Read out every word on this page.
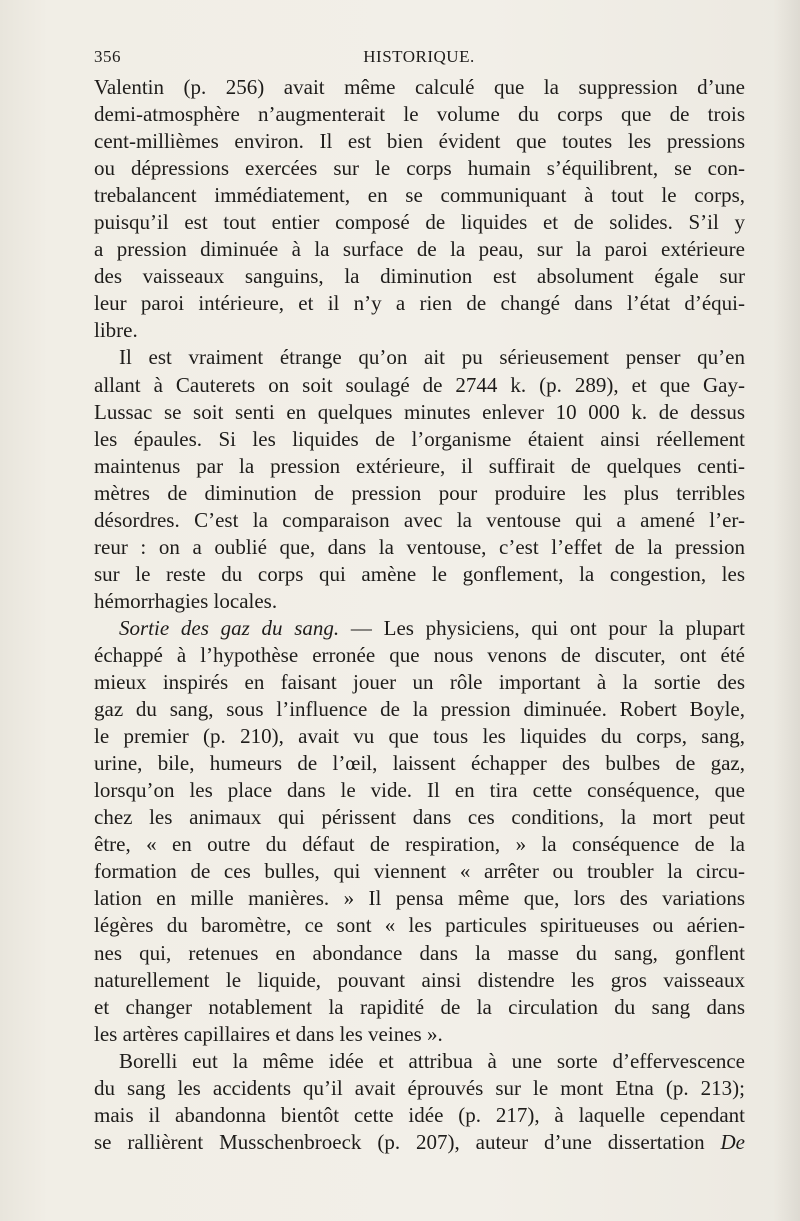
356	HISTORIQUE.
Valentin (p. 256) avait même calculé que la suppression d’une
demi-atmosphère n’augmenterait le volume du corps que de trois
cent-millièmes environ. Il est bien évident que toutes les pressions
ou dépressions exercées sur le corps humain s’équilibrent, se con-
trebalancent immédiatement, en se communiquant à tout le corps,
puisqu’il est tout entier composé de liquides et de solides. S’il y
a pression diminuée à la surface de la peau, sur la paroi extérieure
des vaisseaux sanguins, la diminution est absolument égale sur
leur paroi intérieure, et il n’y a rien de changé dans l’état d’équi-
libre.
Il est vraiment étrange qu’on ait pu sérieusement penser qu’en
allant à Cauterets on soit soulagé de 2744 k. (p. 289), et que Gay-
Lussac se soit senti en quelques minutes enlever 10 000 k. de dessus
les épaules. Si les liquides de l’organisme étaient ainsi réellement
maintenus par la pression extérieure, il suffirait de quelques centi-
mètres de diminution de pression pour produire les plus terribles
désordres. C’est la comparaison avec la ventouse qui a amené l’er-
reur : on a oublié que, dans la ventouse, c’est l’effet de la pression
sur le reste du corps qui amène le gonflement, la congestion, les
hémorrhagies locales.
Sortie des gaz du sang. — Les physiciens, qui ont pour la plupart
échappé à l’hypothèse erronée que nous venons de discuter, ont été
mieux inspirés en faisant jouer un rôle important à la sortie des
gaz du sang, sous l’influence de la pression diminuée. Robert Boyle,
le premier (p. 210), avait vu que tous les liquides du corps, sang,
urine, bile, humeurs de l’œil, laissent échapper des bulbes de gaz,
lorsqu’on les place dans le vide. Il en tira cette conséquence, que
chez les animaux qui périssent dans ces conditions, la mort peut
être, « en outre du défaut de respiration, » la conséquence de la
formation de ces bulles, qui viennent « arrêter ou troubler la circu-
lation en mille manières. » Il pensa même que, lors des variations
légères du baromètre, ce sont « les particules spiritueuses ou aérien-
nes qui, retenues en abondance dans la masse du sang, gonflent
naturellement le liquide, pouvant ainsi distendre les gros vaisseaux
et changer notablement la rapidité de la circulation du sang dans
les artères capillaires et dans les veines ».
Borelli eut la même idée et attribua à une sorte d’effervescence
du sang les accidents qu’il avait éprouvés sur le mont Etna (p. 213);
mais il abandonna bientôt cette idée (p. 217), à laquelle cependant
se rallièrent Musschenbroeck (p. 207), auteur d’une dissertation De
